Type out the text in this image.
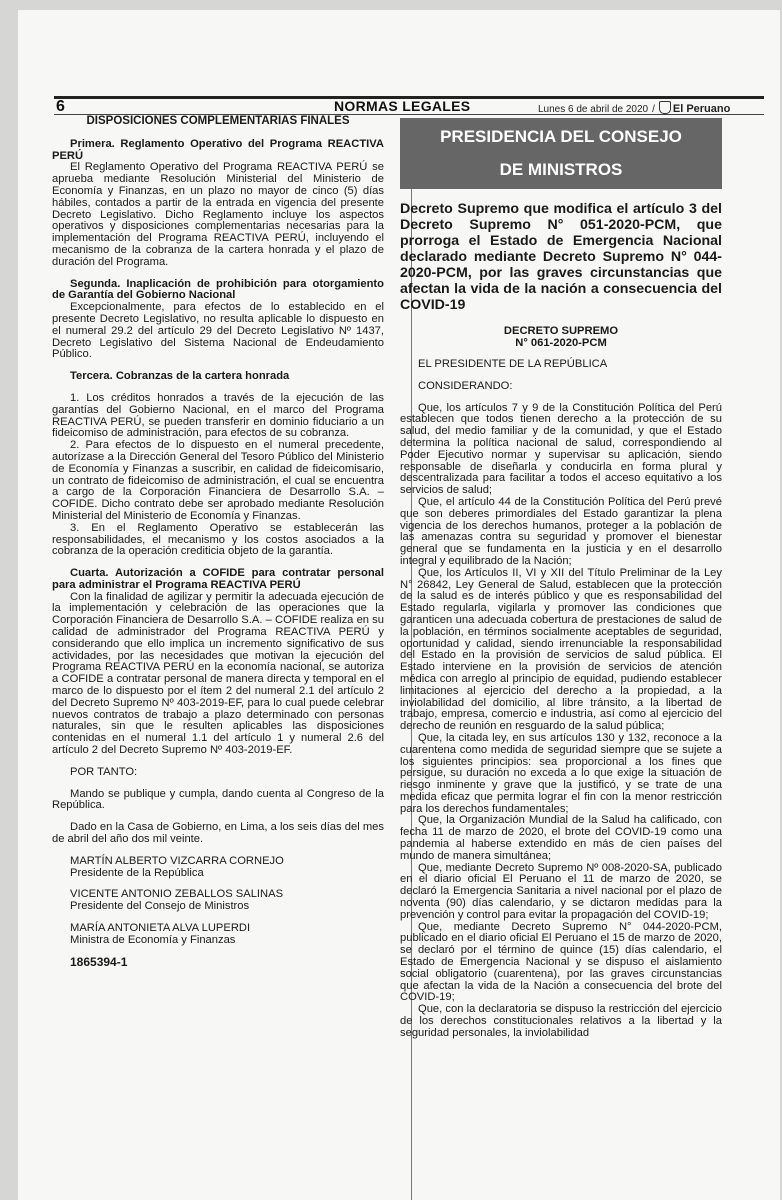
6	NORMAS LEGALES	Lunes 6 de abril de 2020 / El Peruano
DISPOSICIONES COMPLEMENTARIAS FINALES

Primera. Reglamento Operativo del Programa REACTIVA PERÚ

El Reglamento Operativo del Programa REACTIVA PERÚ se aprueba mediante Resolución Ministerial del Ministerio de Economía y Finanzas, en un plazo no mayor de cinco (5) días hábiles, contados a partir de la entrada en vigencia del presente Decreto Legislativo. Dicho Reglamento incluye los aspectos operativos y disposiciones complementarias necesarias para la implementación del Programa REACTIVA PERÚ, incluyendo el mecanismo de la cobranza de la cartera honrada y el plazo de duración del Programa.

Segunda. Inaplicación de prohibición para otorgamiento de Garantía del Gobierno Nacional

Excepcionalmente, para efectos de lo establecido en el presente Decreto Legislativo, no resulta aplicable lo dispuesto en el numeral 29.2 del artículo 29 del Decreto Legislativo Nº 1437, Decreto Legislativo del Sistema Nacional de Endeudamiento Público.

Tercera. Cobranzas de la cartera honrada

1. Los créditos honrados a través de la ejecución de las garantías del Gobierno Nacional, en el marco del Programa REACTIVA PERÚ, se pueden transferir en dominio fiduciario a un fideicomiso de administración, para efectos de su cobranza.

2. Para efectos de lo dispuesto en el numeral precedente, autorízase a la Dirección General del Tesoro Público del Ministerio de Economía y Finanzas a suscribir, en calidad de fideicomisario, un contrato de fideicomiso de administración, el cual se encuentra a cargo de la Corporación Financiera de Desarrollo S.A. – COFIDE. Dicho contrato debe ser aprobado mediante Resolución Ministerial del Ministerio de Economía y Finanzas.

3. En el Reglamento Operativo se establecerán las responsabilidades, el mecanismo y los costos asociados a la cobranza de la operación crediticia objeto de la garantía.

Cuarta. Autorización a COFIDE para contratar personal para administrar el Programa REACTIVA PERÚ

Con la finalidad de agilizar y permitir la adecuada ejecución de la implementación y celebración de las operaciones que la Corporación Financiera de Desarrollo S.A. – COFIDE realiza en su calidad de administrador del Programa REACTIVA PERÚ y considerando que ello implica un incremento significativo de sus actividades, por las necesidades que motivan la ejecución del Programa REACTIVA PERÚ en la economía nacional, se autoriza a COFIDE a contratar personal de manera directa y temporal en el marco de lo dispuesto por el ítem 2 del numeral 2.1 del artículo 2 del Decreto Supremo Nº 403-2019-EF, para lo cual puede celebrar nuevos contratos de trabajo a plazo determinado con personas naturales, sin que le resulten aplicables las disposiciones contenidas en el numeral 1.1 del artículo 1 y numeral 2.6 del artículo 2 del Decreto Supremo Nº 403-2019-EF.

POR TANTO:

Mando se publique y cumpla, dando cuenta al Congreso de la República.

Dado en la Casa de Gobierno, en Lima, a los seis días del mes de abril del año dos mil veinte.

MARTÍN ALBERTO VIZCARRA CORNEJO

Presidente de la República

VICENTE ANTONIO ZEBALLOS SALINAS

Presidente del Consejo de Ministros

MARÍA ANTONIETA ALVA LUPERDI

Ministra de Economía y Finanzas

1865394-1

PRESIDENCIA DEL CONSEJO
DE MINISTROS
Decreto Supremo que modifica el artículo 3 del Decreto Supremo N° 051-2020-PCM, que prorroga el Estado de Emergencia Nacional declarado mediante Decreto Supremo N° 044-2020-PCM, por las graves circunstancias que afectan la vida de la nación a consecuencia del COVID-19
DECRETO SUPREMO
N° 061-2020-PCM

EL PRESIDENTE DE LA REPÚBLICA

CONSIDERANDO:

Que, los artículos 7 y 9 de la Constitución Política del Perú establecen que todos tienen derecho a la protección de su salud, del medio familiar y de la comunidad, y que el Estado determina la política nacional de salud, correspondiendo al Poder Ejecutivo normar y supervisar su aplicación, siendo responsable de diseñarla y conducirla en forma plural y descentralizada para facilitar a todos el acceso equitativo a los servicios de salud;

Que, el artículo 44 de la Constitución Política del Perú prevé que son deberes primordiales del Estado garantizar la plena vigencia de los derechos humanos, proteger a la población de las amenazas contra su seguridad y promover el bienestar general que se fundamenta en la justicia y en el desarrollo integral y equilibrado de la Nación;

Que, los Artículos II, VI y XII del Título Preliminar de la Ley N° 26842, Ley General de Salud, establecen que la protección de la salud es de interés público y que es responsabilidad del Estado regularla, vigilarla y promover las condiciones que garanticen una adecuada cobertura de prestaciones de salud de la población, en términos socialmente aceptables de seguridad, oportunidad y calidad, siendo irrenunciable la responsabilidad del Estado en la provisión de servicios de salud pública. El Estado interviene en la provisión de servicios de atención médica con arreglo al principio de equidad, pudiendo establecer limitaciones al ejercicio del derecho a la propiedad, a la inviolabilidad del domicilio, al libre tránsito, a la libertad de trabajo, empresa, comercio e industria, así como al ejercicio del derecho de reunión en resguardo de la salud pública;

Que, la citada ley, en sus artículos 130 y 132, reconoce a la cuarentena como medida de seguridad siempre que se sujete a los siguientes principios: sea proporcional a los fines que persigue, su duración no exceda a lo que exige la situación de riesgo inminente y grave que la justificó, y se trate de una medida eficaz que permita lograr el fin con la menor restricción para los derechos fundamentales;

Que, la Organización Mundial de la Salud ha calificado, con fecha 11 de marzo de 2020, el brote del COVID-19 como una pandemia al haberse extendido en más de cien países del mundo de manera simultánea;

Que, mediante Decreto Supremo Nº 008-2020-SA, publicado en el diario oficial El Peruano el 11 de marzo de 2020, se declaró la Emergencia Sanitaria a nivel nacional por el plazo de noventa (90) días calendario, y se dictaron medidas para la prevención y control para evitar la propagación del COVID-19;

Que, mediante Decreto Supremo N° 044-2020-PCM, publicado en el diario oficial El Peruano el 15 de marzo de 2020, se declaró por el término de quince (15) días calendario, el Estado de Emergencia Nacional y se dispuso el aislamiento social obligatorio (cuarentena), por las graves circunstancias que afectan la vida de la Nación a consecuencia del brote del COVID-19;

Que, con la declaratoria se dispuso la restricción del ejercicio de los derechos constitucionales relativos a la libertad y la seguridad personales, la inviolabilidad
